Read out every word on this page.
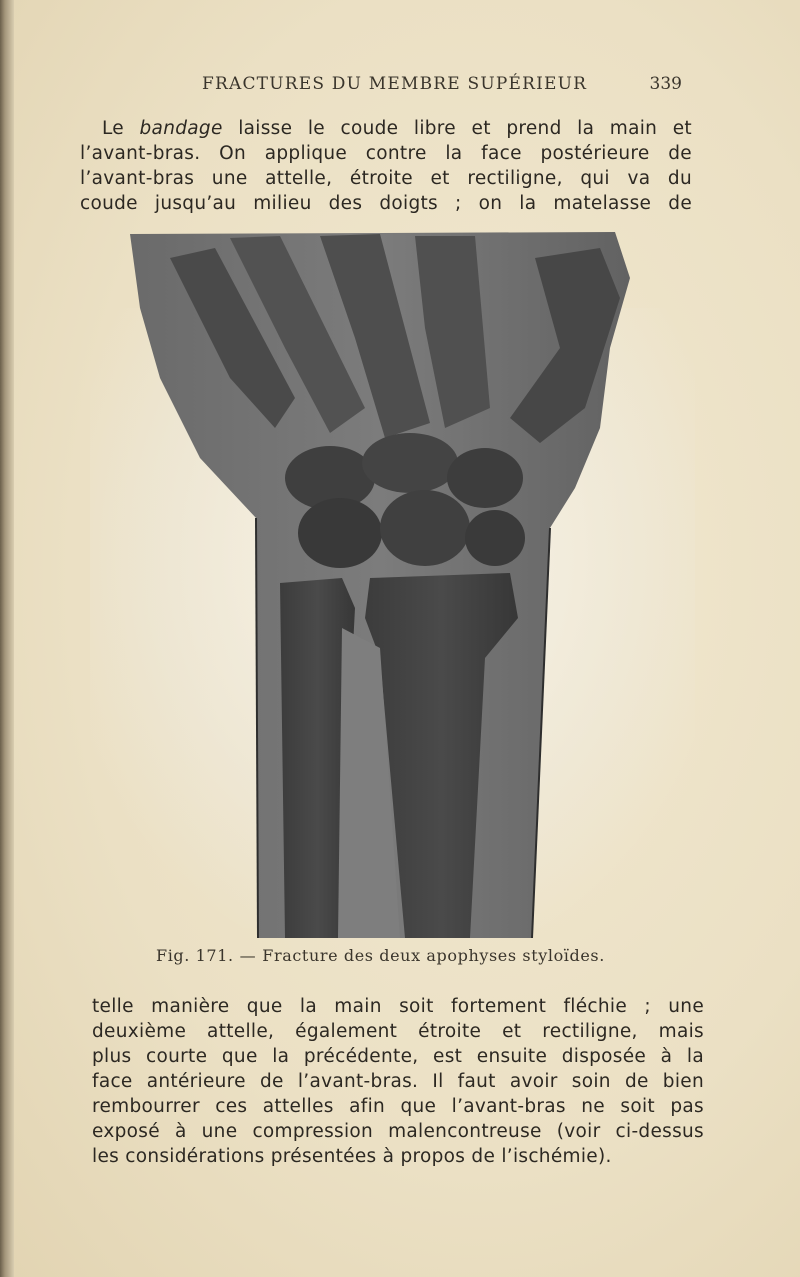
FRACTURES DU MEMBRE SUPÉRIEUR	339
Le bandage laisse le coude libre et prend la main et
l’avant-bras. On applique contre la face postérieure de
l’avant-bras une attelle, étroite et rectiligne, qui va du
coude jusqu’au milieu des doigts ; on la matelasse de
Fig. 171. — Fracture des deux apophyses styloïdes.
telle manière que la main soit fortement fléchie ; une
deuxième attelle, également étroite et rectiligne, mais
plus courte que la précédente, est ensuite disposée à la
face antérieure de l’avant-bras. Il faut avoir soin de bien
rembourrer ces attelles afin que l’avant-bras ne soit pas
exposé à une compression malencontreuse (voir ci-dessus
les considérations présentées à propos de l’ischémie).
